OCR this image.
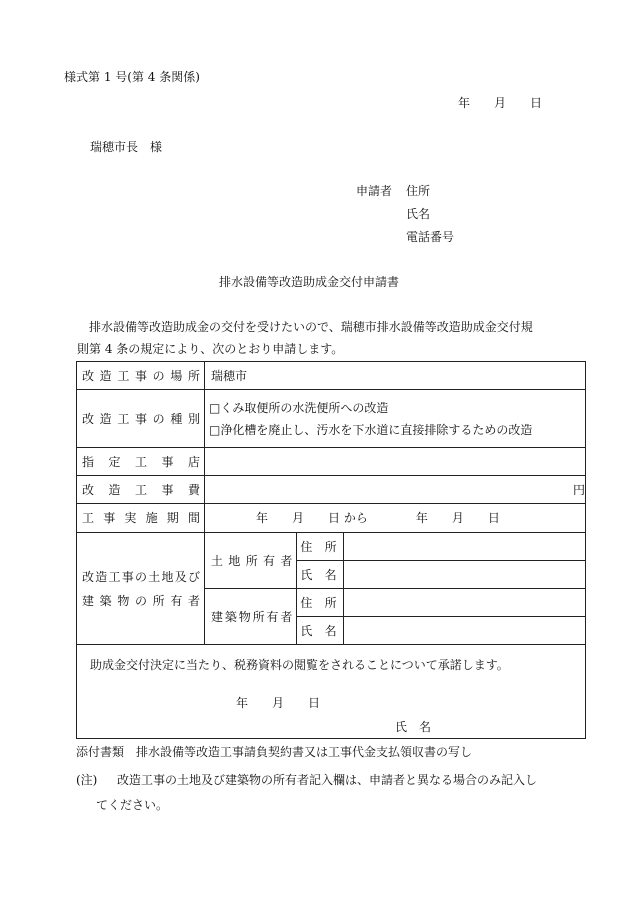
様式第 1 号(第 4 条関係)
年　　月　　日
瑞穂市長　様
申請者 住所
氏名
電話番号
排水設備等改造助成金交付申請書
排水設備等改造助成金の交付を受けたいので、瑞穂市排水設備等改造助成金交付規
則第 4 条の規定により、次のとおり申請します。
改造工事の場所	瑞穂市		
改造工事の種別	□くみ取便所の水洗便所への改造
□浄化槽を廃止し、汚水を下水道に直接排除するための改造		

指定工事店			
改造工事費	円		
工事実施期間	年　　月　　日 から　　　　年　　月　　日		

改造工事の土地及び
建築物の所有者	土地所有者	住所	
		氏名	
	建築物所有者	住所	
		氏名	

助成金交付決定に当たり、税務資料の閲覧をされることについて承諾します。
年　　月　　日
氏　名			
添付書類　排水設備等改造工事請負契約書又は工事代金支払領収書の写し
(注) 改造工事の土地及び建築物の所有者記入欄は、申請者と異なる場合のみ記入し
てください。
